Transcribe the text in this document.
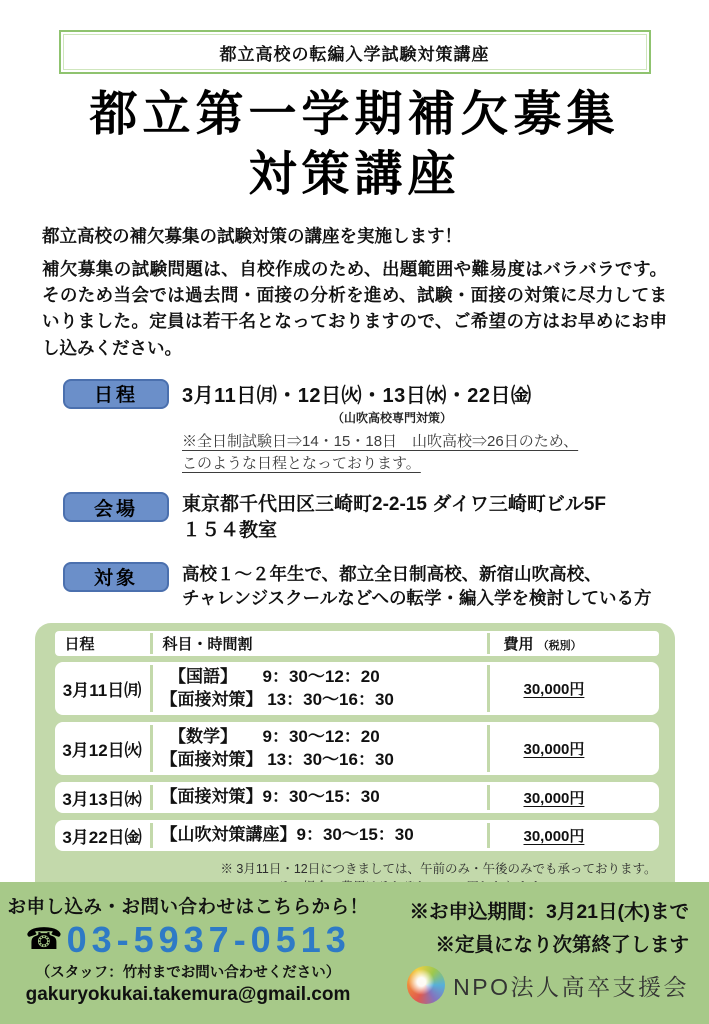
都立高校の転編入学試験対策講座
都立第一学期補欠募集
対策講座

都立高校の補欠募集の試験対策の講座を実施します！

補欠募集の試験問題は、自校作成のため、出題範囲や難易度はバラバラです。そのため当会では過去問・面接の分析を進め、試験・面接の対策に尽力してまいりました。定員は若干名となっておりますので、ご希望の方はお早めにお申し込みください。

日程 3月11日㈪・12日㈫・13日㈬・22日㈮
（山吹高校専門対策）
※全日制試験日⇒14・15・18日　山吹高校⇒26日のため、
このような日程となっております。
会場 東京都千代田区三崎町2-2-15 ダイワ三崎町ビル5F
１５４教室
対象	高校１～２年生で、都立全日制高校、新宿山吹高校、
チャレンジスクールなどへの転学・編入学を検討している方
日程	科目・時間割	費用 （税別）
3月11日㈪
　【国語】　　9：30～12：20
【面接対策】 13：30～16：30
30,000円
3月12日㈫
　【数学】　　9：30～12：20
【面接対策】 13：30～16：30
30,000円
3月13日㈬	【面接対策】9：30～15：30	30,000円
3月22日㈮	【山吹対策講座】9：30～15：30	30,000円
※ 3月11日・12日につきましては、午前のみ・午後のみでも承っております。
お申し込み・お問い合わせはこちらから！
☎ 03-5937-0513
（スタッフ：竹村までお問い合わせください）
gakuryokukai.takemura@gmail.com
※お申込期間：3月21日(木)まで
※定員になり次第終了します
NPO法人高卒支援会
